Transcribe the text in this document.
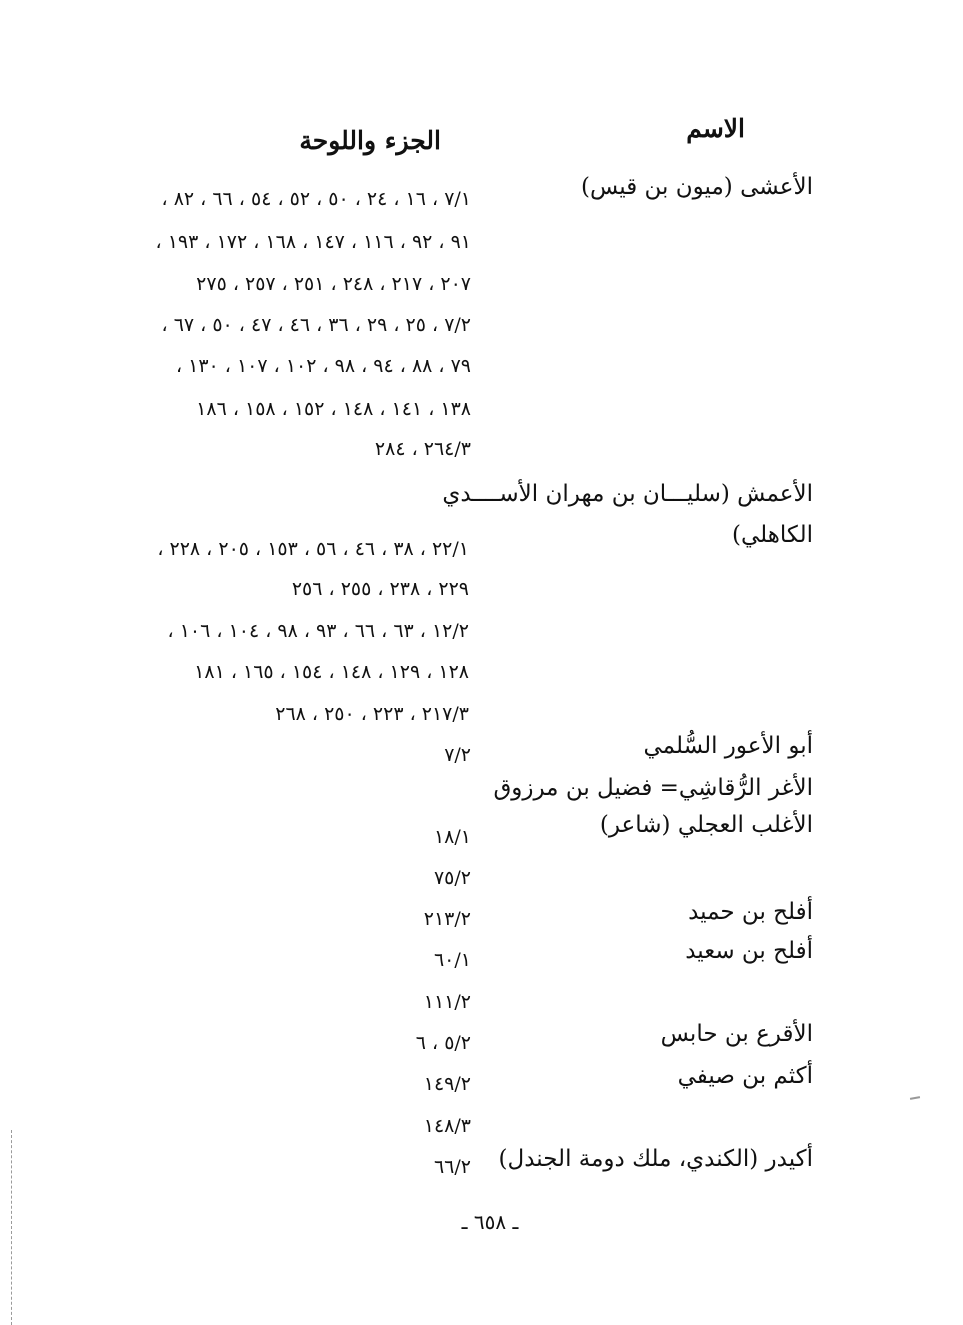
الاسم
الجزء واللوحة
الأعشى (ميون بن قيس)
الأعمش (سليـــان بن مهران الأســــدي
الكاهلي)
أبو الأعور السُّلمي
الأغر الرُّقاشِي= فضيل بن مرزوق
الأغلب العجلي (شاعر)
أفلح بن حميد
أفلح بن سعيد
الأقرع بن حابس
أكثم بن صيفي
أكيدر (الكندي، ملك دومة الجندل)
٧/١ ، ١٦ ، ٢٤ ، ٥٠ ، ٥٢ ، ٥٤ ، ٦٦ ، ٨٢ ،
٩١ ، ٩٢ ، ١١٦ ، ١٤٧ ، ١٦٨ ، ١٧٢ ، ١٩٣ ،
٢٠٧ ، ٢١٧ ، ٢٤٨ ، ٢٥١ ، ٢٥٧ ، ٢٧٥
٧/٢ ، ٢٥ ، ٢٩ ، ٣٦ ، ٤٦ ، ٤٧ ، ٥٠ ، ٦٧ ،
٧٩ ، ٨٨ ، ٩٤ ، ٩٨ ، ١٠٢ ، ١٠٧ ، ١٣٠ ،
١٣٨ ، ١٤١ ، ١٤٨ ، ١٥٢ ، ١٥٨ ، ١٨٦
٢٦٤/٣ ، ٢٨٤
٢٢/١ ، ٣٨ ، ٤٦ ، ٥٦ ، ١٥٣ ، ٢٠٥ ، ٢٢٨ ،
٢٢٩ ، ٢٣٨ ، ٢٥٥ ، ٢٥٦
١٢/٢ ، ٦٣ ، ٦٦ ، ٩٣ ، ٩٨ ، ١٠٤ ، ١٠٦ ،
١٢٨ ، ١٢٩ ، ١٤٨ ، ١٥٤ ، ١٦٥ ، ١٨١
٢١٧/٣ ، ٢٢٣ ، ٢٥٠ ، ٢٦٨
٧/٢
١٨/١
٧٥/٢
٢١٣/٢
٦٠/١
١١١/٢
٥/٢ ، ٦
١٤٩/٢
١٤٨/٣
٦٦/٢
ـ ٦٥٨ ـ
